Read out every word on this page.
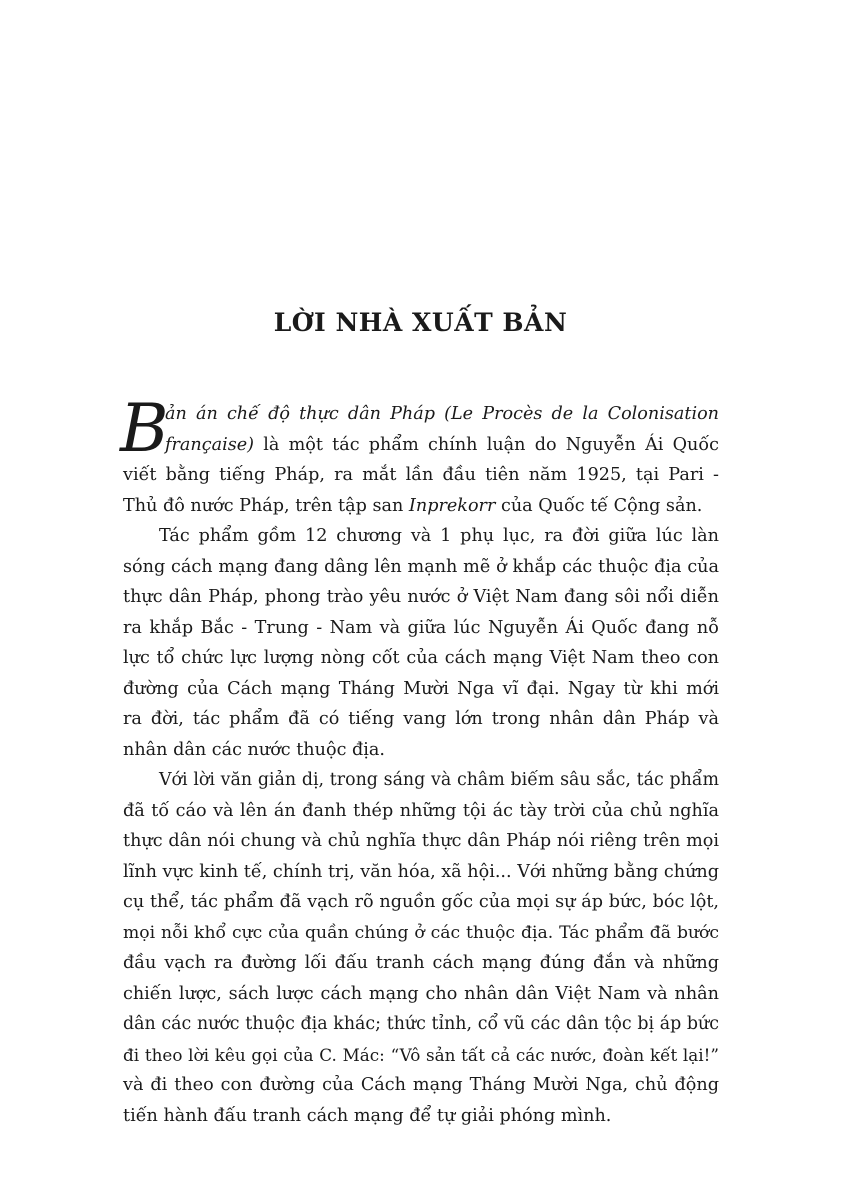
LỜI NHÀ XUẤT BẢN
B
ản án chế độ thực dân Pháp (Le Procès de la Colonisation
française) là một tác phẩm chính luận do Nguyễn Ái Quốc
viết bằng tiếng Pháp, ra mắt lần đầu tiên năm 1925, tại Pari -
Thủ đô nước Pháp, trên tập san Inprekorr của Quốc tế Cộng sản.
Tác phẩm gồm 12 chương và 1 phụ lục, ra đời giữa lúc làn
sóng cách mạng đang dâng lên mạnh mẽ ở khắp các thuộc địa của
thực dân Pháp, phong trào yêu nước ở Việt Nam đang sôi nổi diễn
ra khắp Bắc - Trung - Nam và giữa lúc Nguyễn Ái Quốc đang nỗ
lực tổ chức lực lượng nòng cốt của cách mạng Việt Nam theo con
đường của Cách mạng Tháng Mười Nga vĩ đại. Ngay từ khi mới
ra đời, tác phẩm đã có tiếng vang lớn trong nhân dân Pháp và
nhân dân các nước thuộc địa.
Với lời văn giản dị, trong sáng và châm biếm sâu sắc, tác phẩm
đã tố cáo và lên án đanh thép những tội ác tày trời của chủ nghĩa
thực dân nói chung và chủ nghĩa thực dân Pháp nói riêng trên mọi
lĩnh vực kinh tế, chính trị, văn hóa, xã hội... Với những bằng chứng
cụ thể, tác phẩm đã vạch rõ nguồn gốc của mọi sự áp bức, bóc lột,
mọi nỗi khổ cực của quần chúng ở các thuộc địa. Tác phẩm đã bước
đầu vạch ra đường lối đấu tranh cách mạng đúng đắn và những
chiến lược, sách lược cách mạng cho nhân dân Việt Nam và nhân
dân các nước thuộc địa khác; thức tỉnh, cổ vũ các dân tộc bị áp bức
đi theo lời kêu gọi của C. Mác: “Vô sản tất cả các nước, đoàn kết lại!”
và đi theo con đường của Cách mạng Tháng Mười Nga, chủ động
tiến hành đấu tranh cách mạng để tự giải phóng mình.
